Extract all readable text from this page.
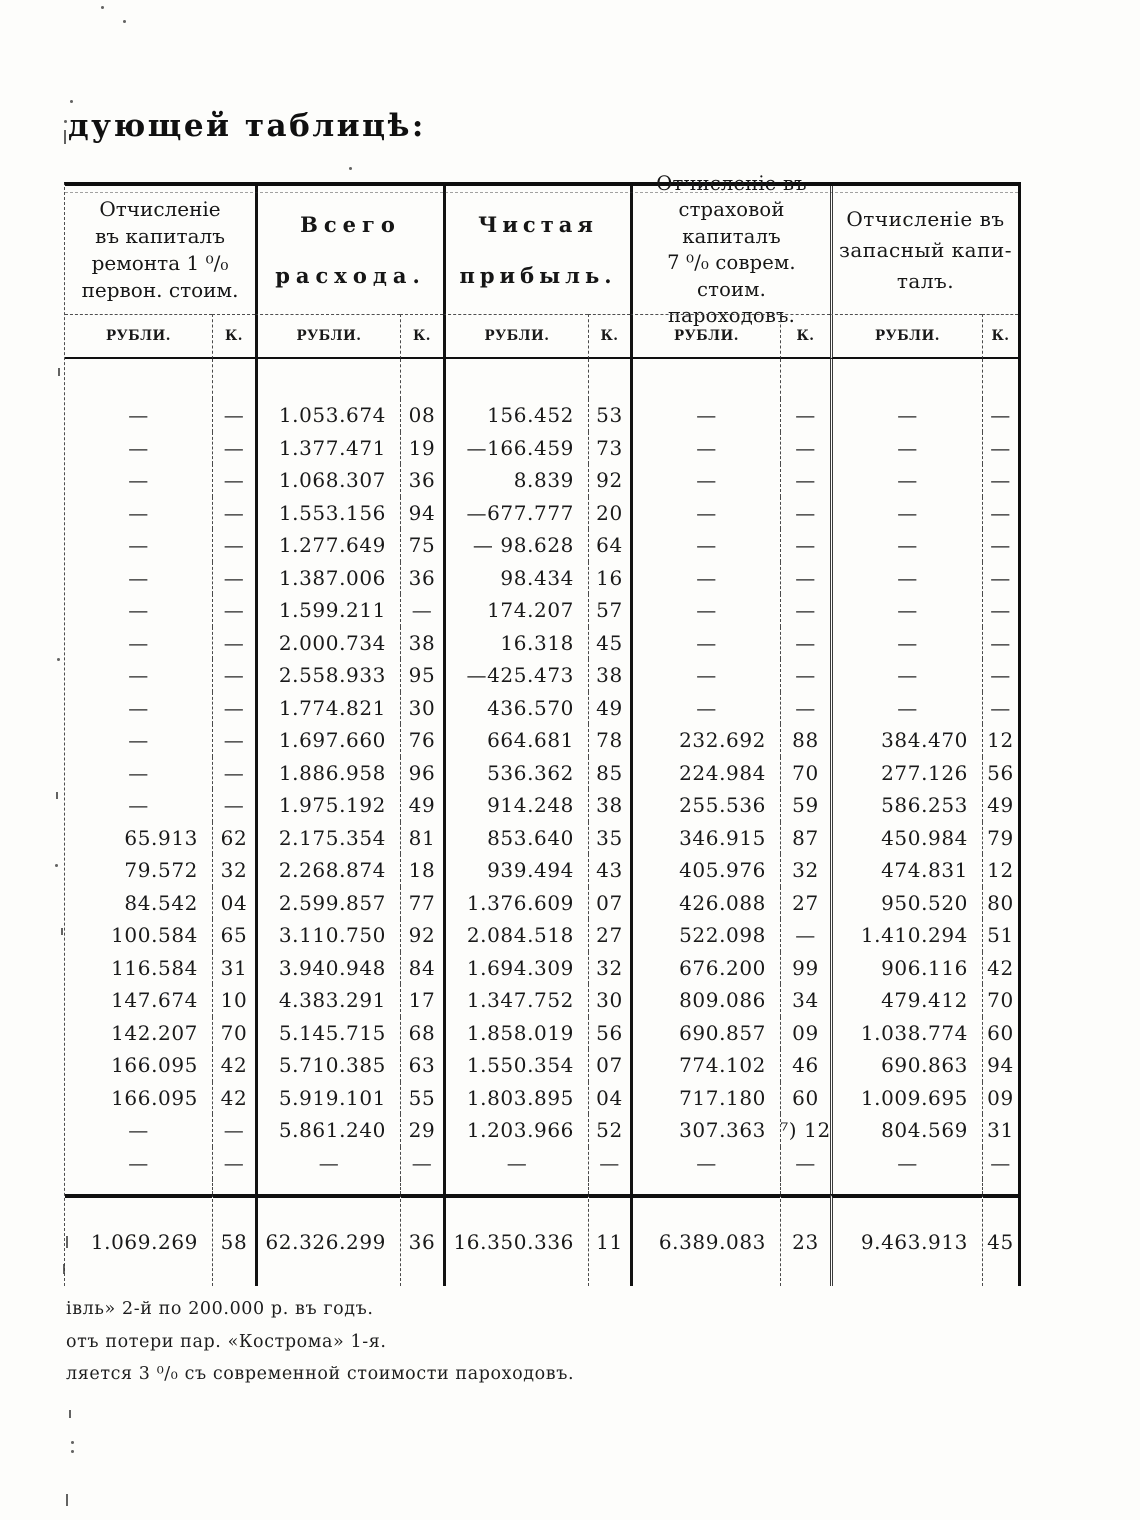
дующей таблицѣ:
Отчисленіе
въ капиталъ
ремонта 1 ⁰/₀
первон. стоим.
Всего
расхода.
Чистая
прибыль.
Отчисленіе въ
страховой капиталъ
7 ⁰/₀ соврем. стоим.
пароходовъ.
Отчисленіе въ
запасный капи-
талъ.
РУБЛИ.	К.	РУБЛИ.	К.	РУБЛИ.	К.	РУБЛИ.	К.	РУБЛИ.	К.
—	—	1.053.674	08	156.452	53	—	—	—	—
—	—	1.377.471	19	—166.459	73	—	—	—	—
—	—	1.068.307	36	8.839	92	—	—	—	—
—	—	1.553.156	94	—677.777	20	—	—	—	—
—	—	1.277.649	75	— 98.628	64	—	—	—	—
—	—	1.387.006	36	98.434	16	—	—	—	—
—	—	1.599.211	—	174.207	57	—	—	—	—
—	—	2.000.734	38	16.318	45	—	—	—	—
—	—	2.558.933	95	—425.473	38	—	—	—	—
—	—	1.774.821	30	436.570	49	—	—	—	—
—	—	1.697.660	76	664.681	78	232.692	88	384.470 12
—	—	1.886.958	96	536.362	85	224.984	70	277.126 56
—	—	1.975.192	49	914.248	38	255.536	59	586.253 49
65.913	62	2.175.354	81	853.640	35	346.915	87	450.984 79
79.572	32	2.268.874	18	939.494	43	405.976	32	474.831 12
84.542	04	2.599.857	77	1.376.609	07	426.088	27	950.520 80
100.584	65	3.110.750	92	2.084.518	27	522.098	—	1.410.294 51
116.584	31	3.940.948	84	1.694.309	32	676.200	99	906.116 42
147.674	10	4.383.291	17	1.347.752	30	809.086	34	479.412 70
142.207	70	5.145.715	68	1.858.019	56	690.857	09	1.038.774 60
166.095	42	5.710.385	63	1.550.354	07	774.102	46	690.863 94
166.095	42	5.919.101	55	1.803.895	04	717.180	60	1.009.695 09
—	—	5.861.240	29	1.203.966	52	307.363 ⁷) 12	804.569 31
—	—	—	—	—	—	—	—	—	—
1.069.269	58 62.326.299	36 16.350.336	11	6.389.083	23	9.463.913 45
івль» 2-й по 200.000 р. въ годъ.
отъ потери пар. «Кострома» 1-я.
ляется 3 ⁰/₀ съ современной стоимости пароходовъ.
